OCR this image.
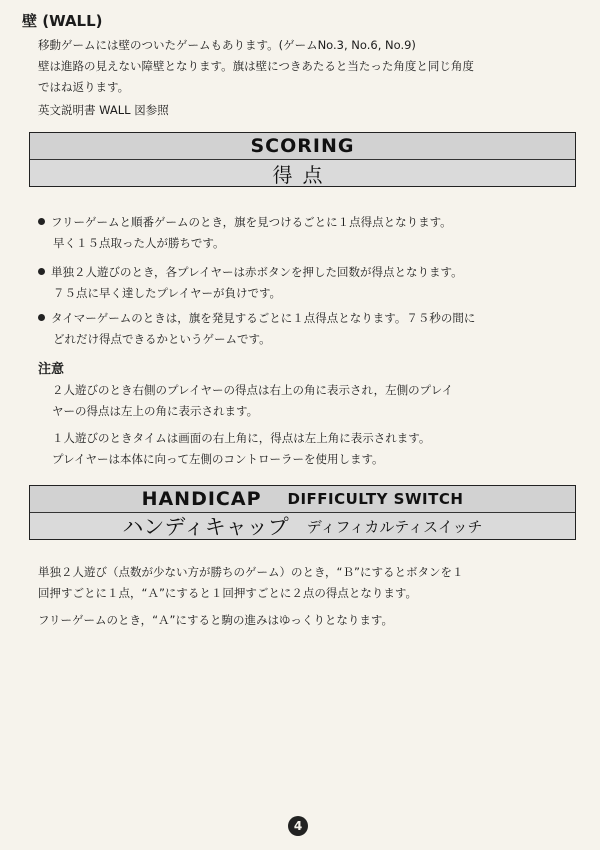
壁 (WALL)
移動ゲームには壁のついたゲームもあります。(ゲームNo.3, No.6, No.9)
壁は進路の見えない障壁となります。旗は壁につきあたると当たった角度と同じ角度
ではね返ります。
英文説明書 WALL 図参照
SCORING
得点
フリーゲームと順番ゲームのとき，旗を見つけるごとに１点得点となります。
早く１５点取った人が勝ちです。
単独２人遊びのとき，各プレイヤーは赤ボタンを押した回数が得点となります。
７５点に早く達したプレイヤーが負けです。
タイマーゲームのときは，旗を発見するごとに１点得点となります。７５秒の間に
どれだけ得点できるかというゲームです。
注意
２人遊びのとき右側のプレイヤーの得点は右上の角に表示され，左側のプレイ
ヤーの得点は左上の角に表示されます。
１人遊びのときタイムは画面の右上角に，得点は左上角に表示されます。
プレイヤーは本体に向って左側のコントローラーを使用します。
HANDICAP DIFFICULTY SWITCH
ハンディキャップ ディフィカルティスイッチ
単独２人遊び（点数が少ない方が勝ちのゲーム）のとき，“Ｂ”にするとボタンを１
回押すごとに１点，“Ａ”にすると１回押すごとに２点の得点となります。
フリーゲームのとき，“Ａ”にすると駒の進みはゆっくりとなります。
4
